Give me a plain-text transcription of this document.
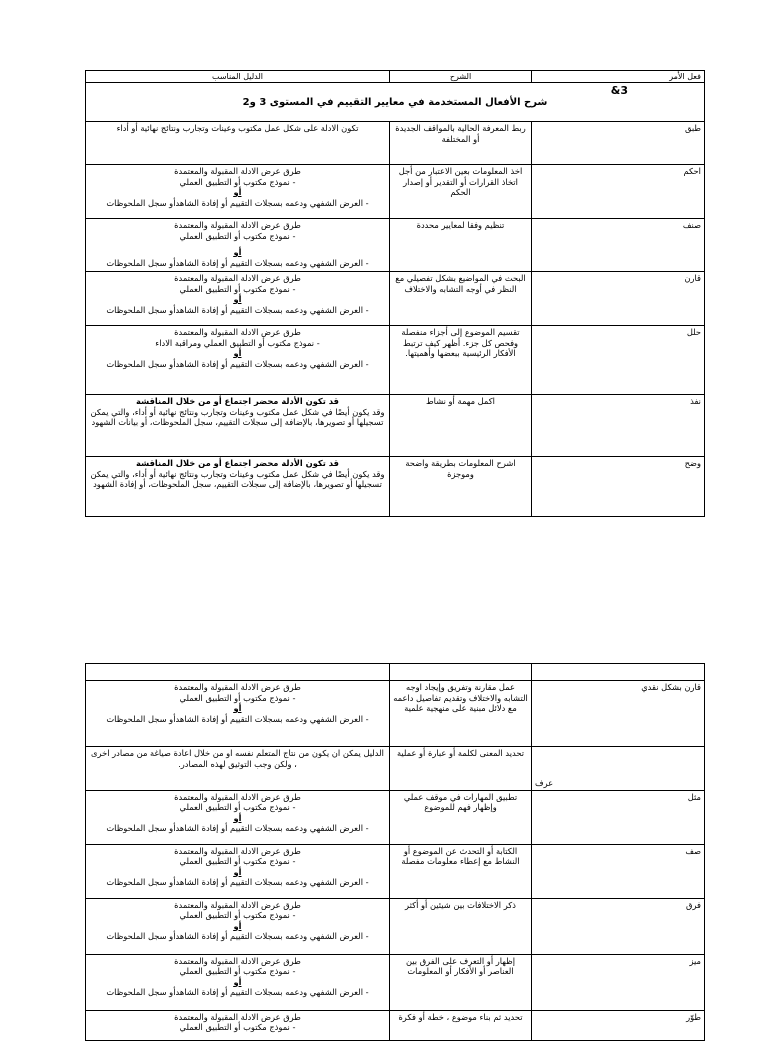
فعل الأمر	الشرح	الدليل المناسب

&3
شرح الأفعال المستخدمة في معايير التقييم في المستوى 3 و2		

طبق	ربط المعرفة الحالية بالمواقف الجديدة أو المختلفة	تكون الادلة على شكل عمل مكتوب وعينات وتجارب ونتائج نهائية أو أداء
احكم	اخذ المعلومات بعين الاعتبار من أجل اتخاذ القرارات أو التقدير أو إصدار الحكم	طرق عرض الادلة المقبولة والمعتمدة
- نموذج مكتوب أو التطبيق العملي
أو
- العرض الشفهي ودعمه بسجلات التقييم أو إفادة الشاهدأو سجل الملحوظات

صنف	تنظيم وفقا لمعايير محددة	طرق عرض الادلة المقبولة والمعتمدة
- نموذج مكتوب أو التطبيق العملي
أو
- العرض الشفهي ودعمه بسجلات التقييم أو إفادة الشاهدأو سجل الملحوظات

قارن	البحث في المواضيع بشكل تفصيلي مع النظر في أوجه التشابه والاختلاف	طرق عرض الادلة المقبولة والمعتمدة
- نموذج مكتوب أو التطبيق العملي
أو
- العرض الشفهي ودعمه بسجلات التقييم أو إفادة الشاهدأو سجل الملحوظات

حلل	تقسيم الموضوع إلى أجزاء منفصلة وفحص كل جزء. أظهر كيف ترتبط الأفكار الرئيسية ببعضها وأهميتها.	طرق عرض الادلة المقبولة والمعتمدة
- نموذج مكتوب أو التطبيق العملي ومراقبة الاداء
أو
- العرض الشفهي ودعمه بسجلات التقييم أو إفادة الشاهدأو سجل الملحوظات

نفذ	اكمل مهمة أو نشاط	قد تكون الأدلة محضر اجتماع أو من خلال المناقشة
وقد يكون أيضًا في شكل عمل مكتوب وعينات وتجارب ونتائج نهائية أو أداء، والتي يمكن تسجيلها أو تصويرها، بالإضافة إلى سجلات التقييم، سجل الملحوظات، أو بيانات الشهود

وضح	اشرح المعلومات بطريقة واضحة وموجزة	قد تكون الأدلة محضر اجتماع أو من خلال المناقشة
وقد يكون أيضًا في شكل عمل مكتوب وعينات وتجارب ونتائج نهائية أو أداء، والتي يمكن تسجيلها أو تصويرها، بالإضافة إلى سجلات التقييم، سجل الملحوظات، أو إفادة الشهود

قارن بشكل نقدي	عمل مقارنة وتفريق وإيجاد اوجه التشابه والاختلاف وتقديم تفاصيل داعمه مع دلائل مبنية على منهجية علمية	طرق عرض الادلة المقبولة والمعتمدة
- نموذج مكتوب أو التطبيق العملي
أو
- العرض الشفهي ودعمه بسجلات التقييم أو إفادة الشاهدأو سجل الملحوظات

عرف	تحديد المعنى لكلمة أو عبارة أو عملية	الدليل يمكن ان يكون من نتاج المتعلم نفسه او من خلال اعادة صياغة من مصادر اخرى ، ولكن وجب التوثيق لهذه المصادر.
مثل	تطبيق المهارات في موقف عملي وإظهار فهم للموضوع	طرق عرض الادلة المقبولة والمعتمدة
- نموذج مكتوب أو التطبيق العملي
أو
- العرض الشفهي ودعمه بسجلات التقييم أو إفادة الشاهدأو سجل الملحوظات

صف	الكتابة أو التحدث عن الموضوع أو النشاط مع إعطاء معلومات مفصلة	طرق عرض الادلة المقبولة والمعتمدة
- نموذج مكتوب أو التطبيق العملي
أو
- العرض الشفهي ودعمه بسجلات التقييم أو إفادة الشاهدأو سجل الملحوظات

فرق	ذكر الاختلافات بين شيئين أو أكثر	طرق عرض الادلة المقبولة والمعتمدة
- نموذج مكتوب أو التطبيق العملي
أو
- العرض الشفهي ودعمه بسجلات التقييم أو إفادة الشاهدأو سجل الملحوظات

ميز	إظهار أو التعرف على الفرق بين العناصر أو الأفكار أو المعلومات	طرق عرض الادلة المقبولة والمعتمدة
- نموذج مكتوب أو التطبيق العملي
أو
- العرض الشفهي ودعمه بسجلات التقييم أو إفادة الشاهدأو سجل الملحوظات

طوّر	تحديد ثم بناء موضوع ، خطة أو فكرة	طرق عرض الادلة المقبولة والمعتمدة
- نموذج مكتوب أو التطبيق العملي
